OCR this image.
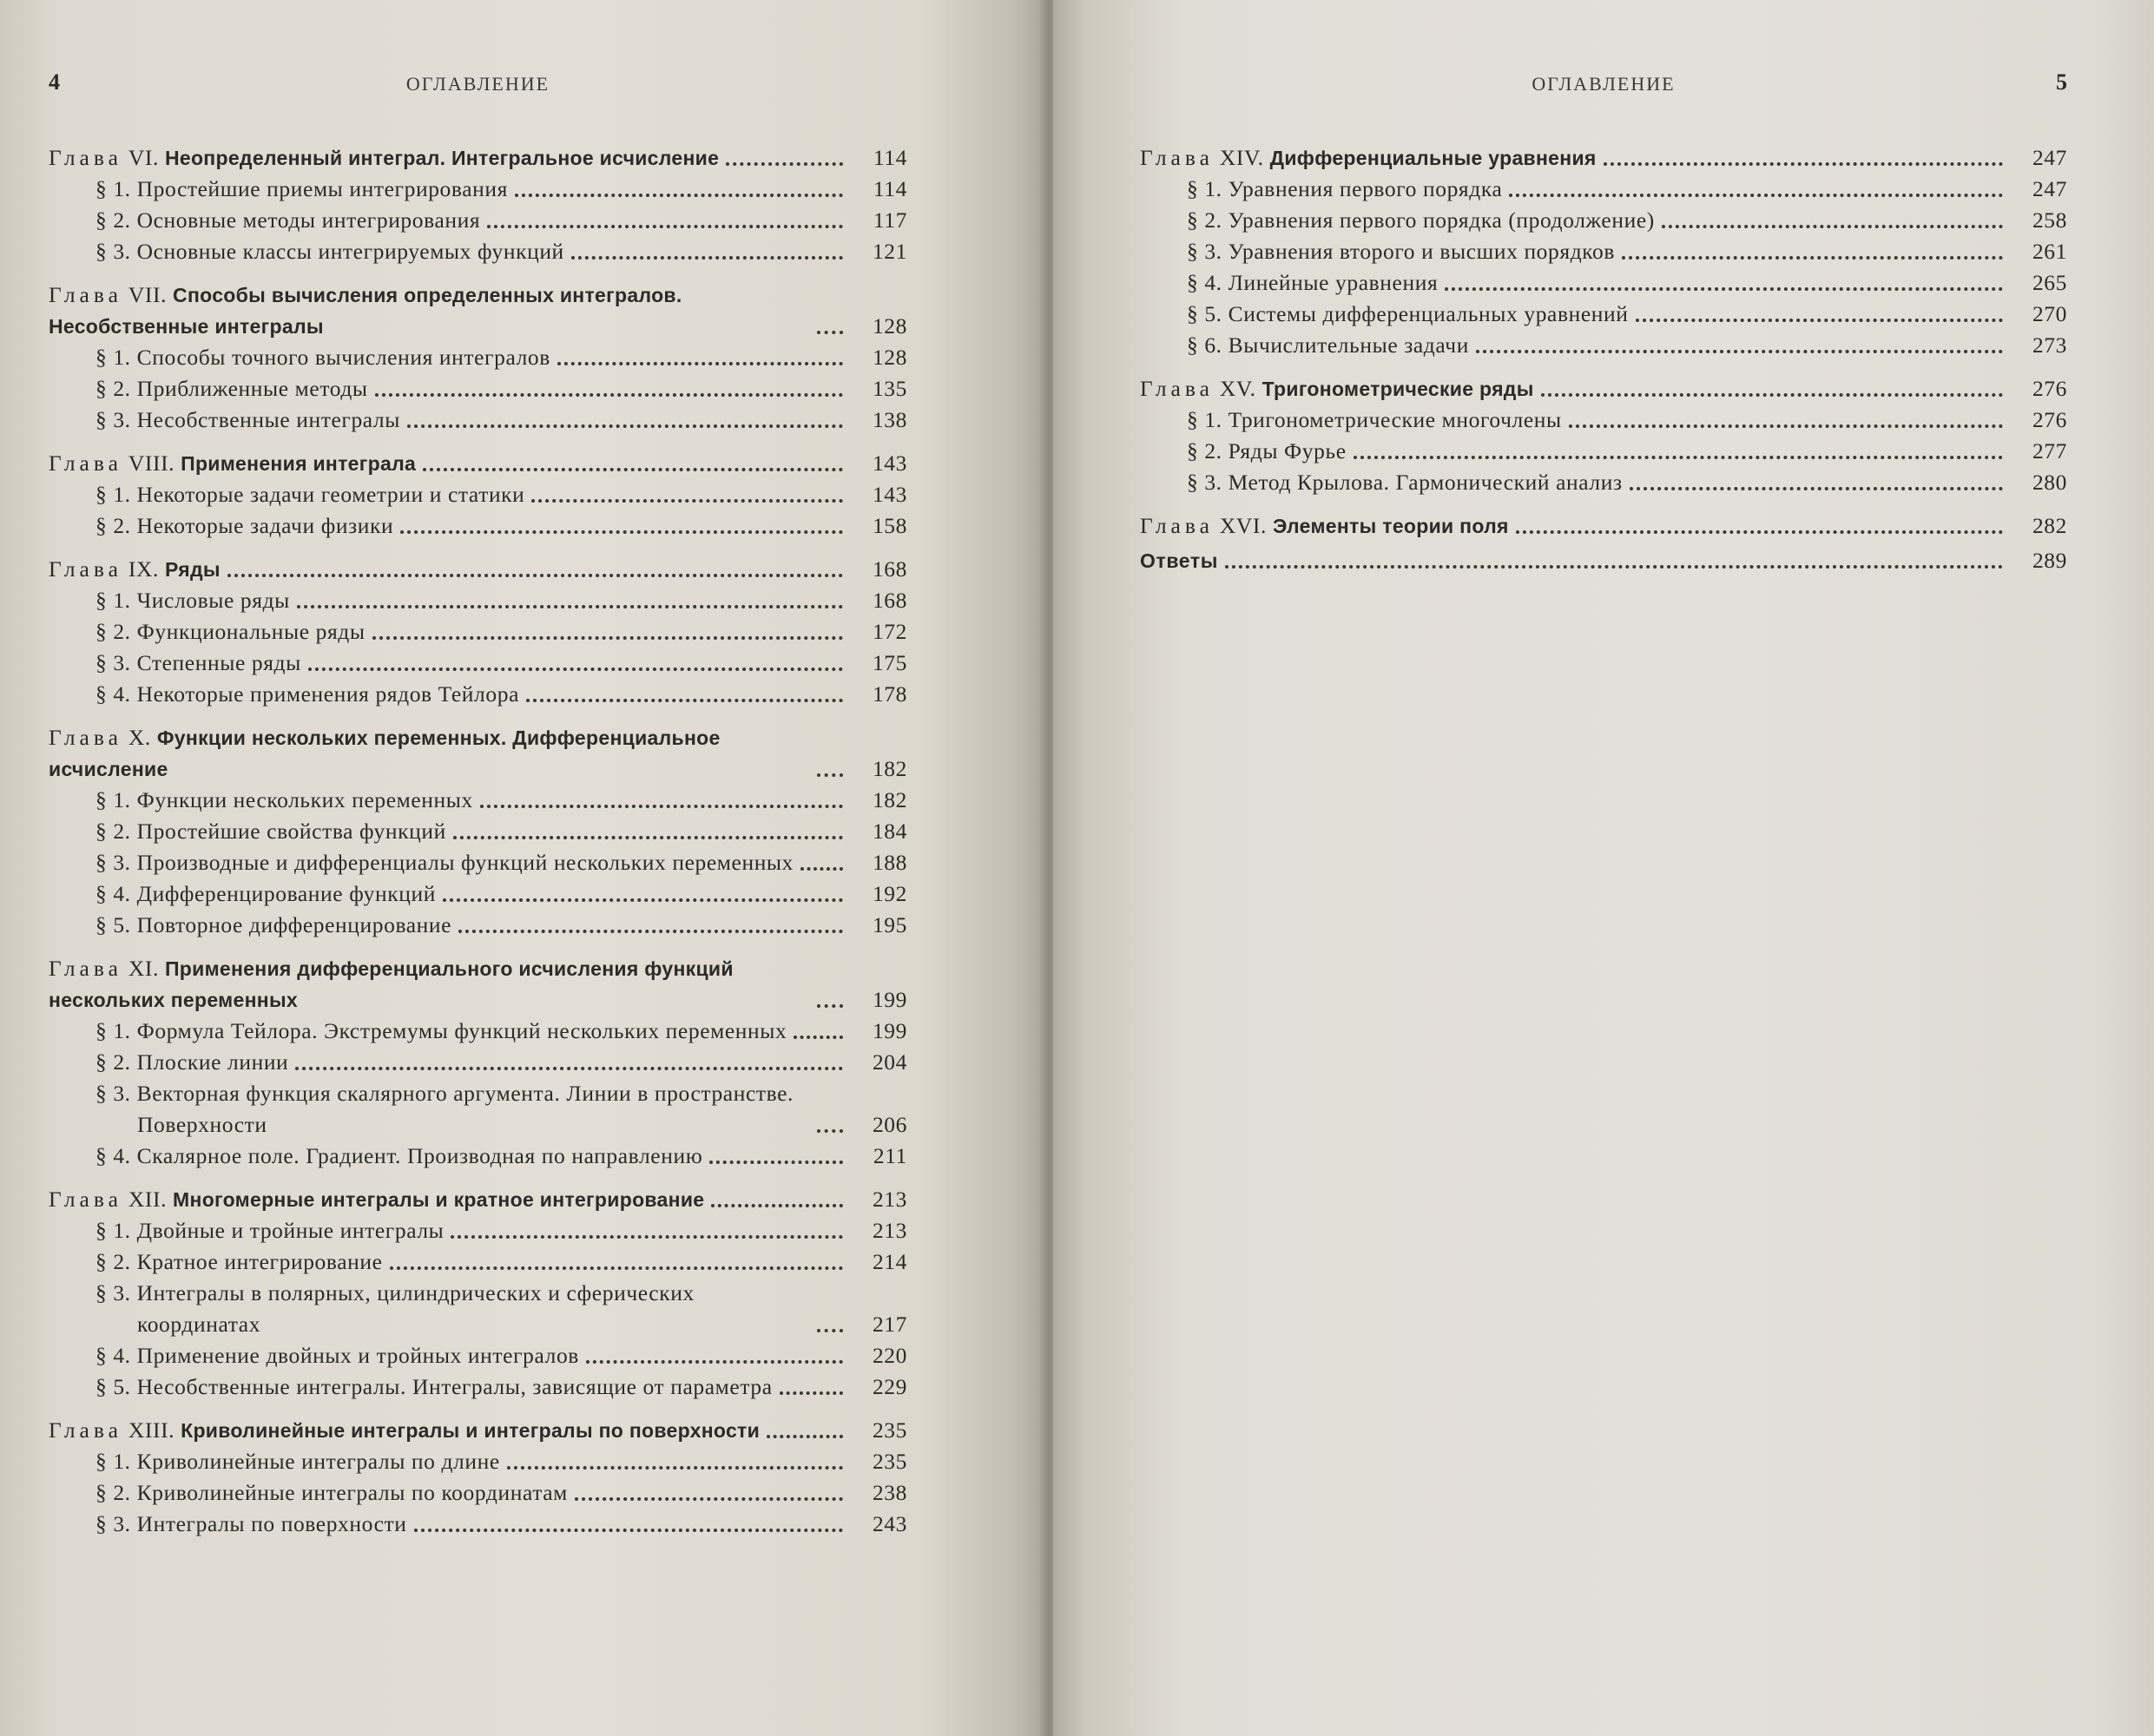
4	ОГЛАВЛЕНИЕ
Глава VI. Неопределенный интеграл. Интегральное исчисление	114
§ 1. Простейшие приемы интегрирования	114
§ 2. Основные методы интегрирования	117
§ 3. Основные классы интегрируемых функций	121
Глава VII. Способы вычисления определенных интегралов. Несобственные интегралы	128
§ 1. Способы точного вычисления интегралов	128
§ 2. Приближенные методы	135
§ 3. Несобственные интегралы	138
Глава VIII. Применения интеграла	143
§ 1. Некоторые задачи геометрии и статики	143
§ 2. Некоторые задачи физики	158
Глава IX. Ряды	168
§ 1. Числовые ряды	168
§ 2. Функциональные ряды	172
§ 3. Степенные ряды	175
§ 4. Некоторые применения рядов Тейлора	178
Глава X. Функции нескольких переменных. Дифференциальное исчисление	182
§ 1. Функции нескольких переменных	182
§ 2. Простейшие свойства функций	184
§ 3. Производные и дифференциалы функций нескольких переменных	188
§ 4. Дифференцирование функций	192
§ 5. Повторное дифференцирование	195
Глава XI. Применения дифференциального исчисления функций нескольких переменных	199
§ 1. Формула Тейлора. Экстремумы функций нескольких переменных	199
§ 2. Плоские линии	204
§ 3. Векторная функция скалярного аргумента. Линии в пространстве. Поверхности	206
§ 4. Скалярное поле. Градиент. Производная по направлению	211
Глава XII. Многомерные интегралы и кратное интегрирование	213
§ 1. Двойные и тройные интегралы	213
§ 2. Кратное интегрирование	214
§ 3. Интегралы в полярных, цилиндрических и сферических координатах	217
§ 4. Применение двойных и тройных интегралов	220
§ 5. Несобственные интегралы. Интегралы, зависящие от параметра	229
Глава XIII. Криволинейные интегралы и интегралы по поверхности	235
§ 1. Криволинейные интегралы по длине	235
§ 2. Криволинейные интегралы по координатам	238
§ 3. Интегралы по поверхности	243
ОГЛАВЛЕНИЕ	5
Глава XIV. Дифференциальные уравнения	247
§ 1. Уравнения первого порядка	247
§ 2. Уравнения первого порядка (продолжение)	258
§ 3. Уравнения второго и высших порядков	261
§ 4. Линейные уравнения	265
§ 5. Системы дифференциальных уравнений	270
§ 6. Вычислительные задачи	273
Глава XV. Тригонометрические ряды	276
§ 1. Тригонометрические многочлены	276
§ 2. Ряды Фурье	277
§ 3. Метод Крылова. Гармонический анализ	280
Глава XVI. Элементы теории поля	282
Ответы	289
